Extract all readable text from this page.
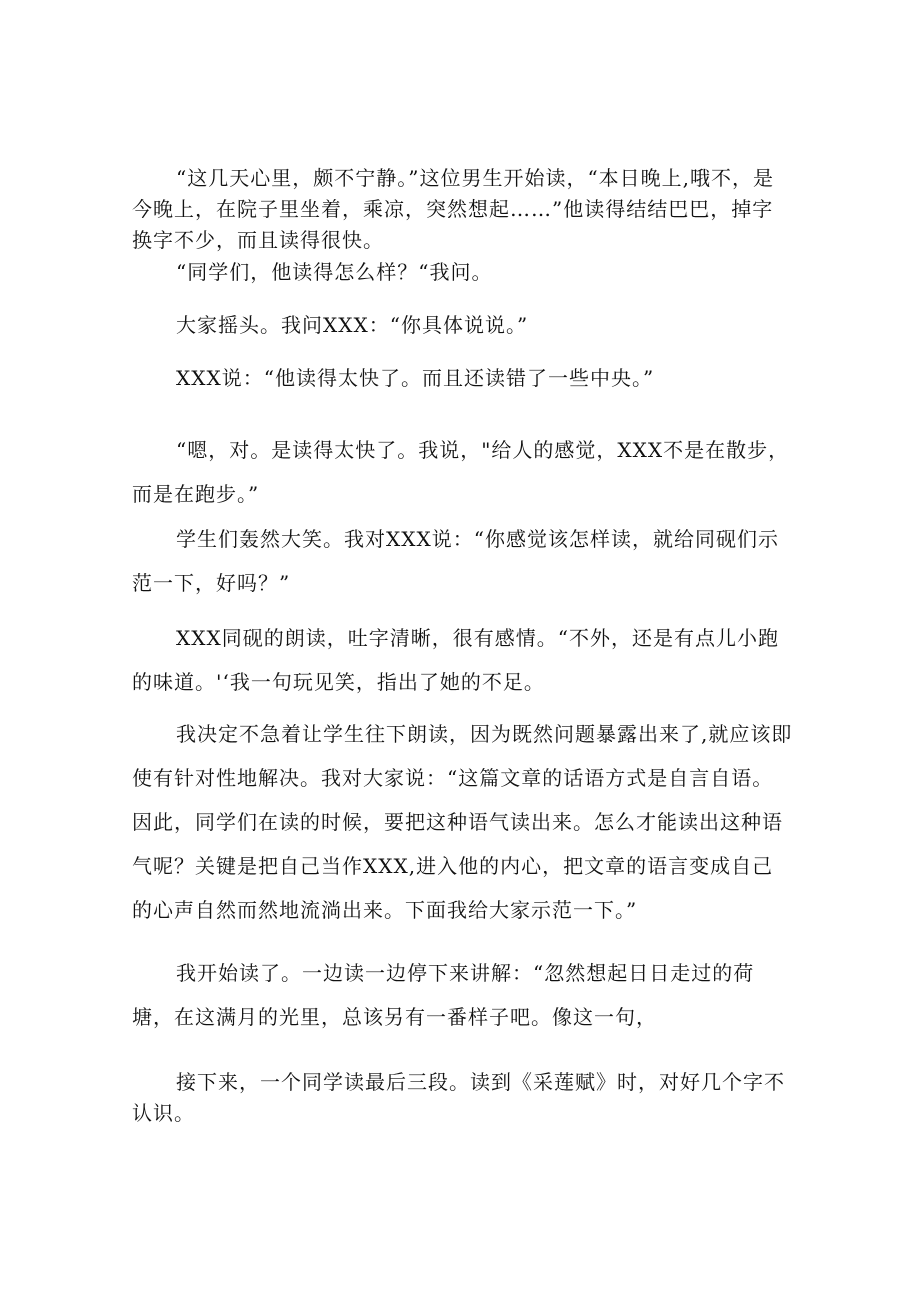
“这几天心里，颇不宁静。”这位男生开始读，“本日晚上,哦不，是今晚上，在院子里坐着，乘凉，突然想起……”他读得结结巴巴，掉字换字不少，而且读得很快。

“同学们，他读得怎么样？“我问。

大家摇头。我问XXX：“你具体说说。”

XXX说：“他读得太快了。而且还读错了一些中央。”

“嗯，对。是读得太快了。我说，"给人的感觉，XXX不是在散步，而是在跑步。”

学生们轰然大笑。我对XXX说：“你感觉该怎样读，就给同砚们示范一下，好吗？”

XXX同砚的朗读，吐字清晰，很有感情。“不外，还是有点儿小跑的味道。'‘我一句玩见笑，指出了她的不足。

我决定不急着让学生往下朗读，因为既然问题暴露出来了,就应该即使有针对性地解决。我对大家说：“这篇文章的话语方式是自言自语。因此，同学们在读的时候，要把这种语气读出来。怎么才能读出这种语气呢？关键是把自己当作XXX,进入他的内心，把文章的语言变成自己的心声自然而然地流淌出来。下面我给大家示范一下。”

我开始读了。一边读一边停下来讲解：“忽然想起日日走过的荷塘，在这满月的光里，总该另有一番样子吧。像这一句，

接下来，一个同学读最后三段。读到《采莲赋》时，对好几个字不认识。
